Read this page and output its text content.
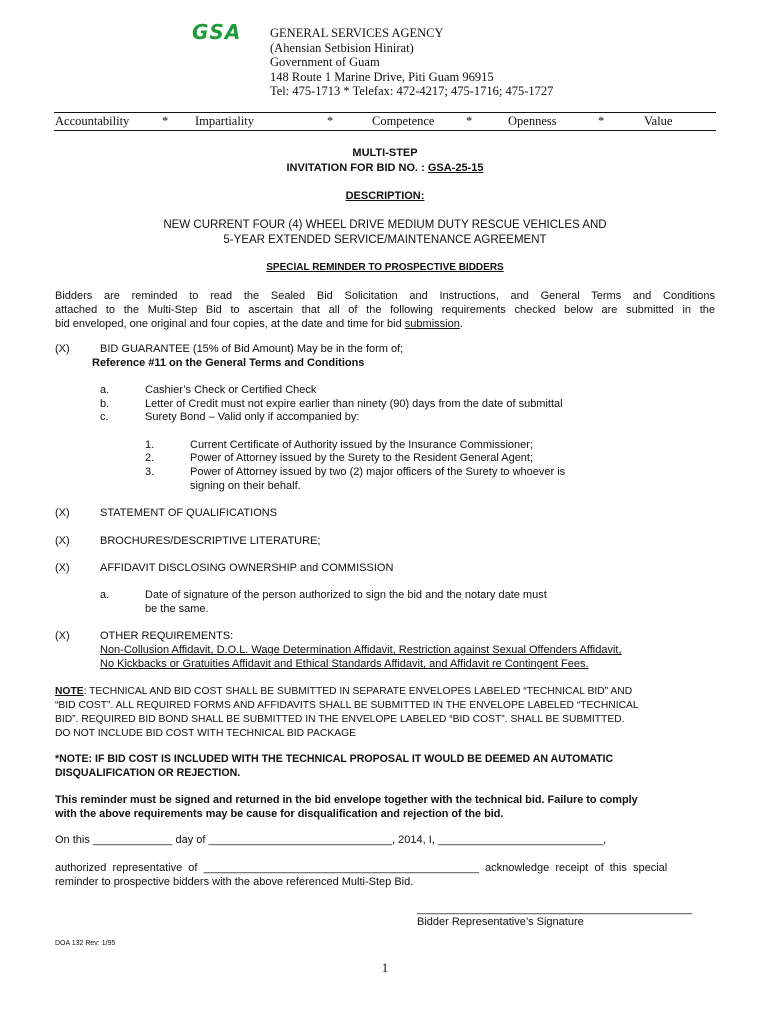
GSA GENERAL SERVICES AGENCY
(Ahensian Setbision Hinirat)
Government of Guam
148 Route 1 Marine Drive, Piti Guam 96915
Tel: 475-1713 * Telefax: 472-4217; 475-1716; 475-1727
Accountability	* Impartiality	*	Competence	*	Openness	*	Value
MULTI-STEP
INVITATION FOR BID NO. : GSA-25-15
DESCRIPTION:
NEW CURRENT FOUR (4) WHEEL DRIVE MEDIUM DUTY RESCUE VEHICLES AND
5-YEAR EXTENDED SERVICE/MAINTENANCE AGREEMENT
SPECIAL REMINDER TO PROSPECTIVE BIDDERS
Bidders are reminded to read the Sealed Bid Solicitation and Instructions, and General Terms and Conditions
attached to the Multi-Step Bid to ascertain that all of the following requirements checked below are submitted in the
bid enveloped, one original and four copies, at the date and time for bid submission.
(X)	BID GUARANTEE (15% of Bid Amount) May be in the form of;
Reference #11 on the General Terms and Conditions
a.	Cashier’s Check or Certified Check
b.	Letter of Credit must not expire earlier than ninety (90) days from the date of submittal
c.	Surety Bond – Valid only if accompanied by:
1.	Current Certificate of Authority issued by the Insurance Commissioner;
2.	Power of Attorney issued by the Surety to the Resident General Agent;
3.	Power of Attorney issued by two (2) major officers of the Surety to whoever is
signing on their behalf.
(X)	STATEMENT OF QUALIFICATIONS
(X)	BROCHURES/DESCRIPTIVE LITERATURE;
(X)	AFFIDAVIT DISCLOSING OWNERSHIP and COMMISSION
a.	Date of signature of the person authorized to sign the bid and the notary date must
be the same.
(X)	OTHER REQUIREMENTS:
Non-Collusion Affidavit, D.O.L. Wage Determination Affidavit, Restriction against Sexual Offenders Affidavit,
No Kickbacks or Gratuities Affidavit and Ethical Standards Affidavit, and Affidavit re Contingent Fees.
NOTE: TECHNICAL AND BID COST SHALL BE SUBMITTED IN SEPARATE ENVELOPES LABELED “TECHNICAL BID” AND
“BID COST”. ALL REQUIRED FORMS AND AFFIDAVITS SHALL BE SUBMITTED IN THE ENVELOPE LABELED “TECHNICAL
BID”. REQUIRED BID BOND SHALL BE SUBMITTED IN THE ENVELOPE LABELED “BID COST”. SHALL BE SUBMITTED.
DO NOT INCLUDE BID COST WITH TECHNICAL BID PACKAGE
*NOTE: IF BID COST IS INCLUDED WITH THE TECHNICAL PROPOSAL IT WOULD BE DEEMED AN AUTOMATIC
DISQUALIFICATION OR REJECTION.
This reminder must be signed and returned in the bid envelope together with the technical bid. Failure to comply
with the above requirements may be cause for disqualification and rejection of the bid.
On this _____________ day of ______________________________, 2014, I, ___________________________,
authorized  representative  of  _____________________________________________  acknowledge  receipt  of  this  special
reminder to prospective bidders with the above referenced Multi-Step Bid.
_____________________________________________
Bidder Representative’s Signature
DOA 132 Rev: 1/95
1
